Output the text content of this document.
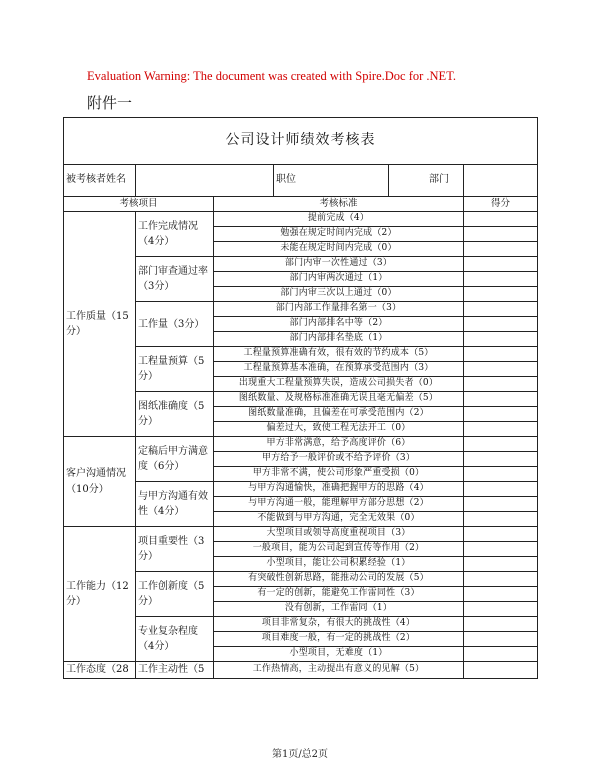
Evaluation Warning: The document was created with Spire.Doc for .NET.
附件一
公司设计师绩效考核表					
被考核者姓名			职位	部门	
考核项目		考核标准			得分
工作质量（15分）	工作完成情况（4分）	提前完成（4）			
		勉强在规定时间内完成（2）			
		未能在规定时间内完成（0）			
	部门审查通过率（3分）	部门内审一次性通过（3）			
		部门内审两次通过（1）			
		部门内审三次以上通过（0）			
	工作量（3分）	部门内部工作量排名第一（3）			
		部门内部排名中等（2）			
		部门内部排名垫底（1）			
	工程量预算（5分）	工程量预算准确有效，很有效的节约成本（5）			
		工程量预算基本准确，在预算承受范围内（3）			
		出现重大工程量预算失误，造成公司损失者（0）			
	图纸准确度（5分）	图纸数量、及规格标准准确无误且毫无偏差（5）			
		图纸数量准确，且偏差在可承受范围内（2）			
		偏差过大，致使工程无法开工（0）			
客户沟通情况（10分）	定稿后甲方满意度（6分）	甲方非常满意，给予高度评价（6）			
		甲方给予一般评价或不给予评价（3）			
		甲方非常不满，使公司形象严重受损（0）			
	与甲方沟通有效性（4分）	与甲方沟通愉快，准确把握甲方的思路（4）			
		与甲方沟通一般，能理解甲方部分思想（2）			
		不能做到与甲方沟通，完全无效果（0）			
工作能力（12分）	项目重要性（3分）	大型项目或领导高度重视项目（3）			
		一般项目，能为公司起到宣传等作用（2）			
		小型项目，能让公司积累经验（1）			
	工作创新度（5分）	有突破性创新思路，能推动公司的发展（5）			
		有一定的创新，能避免工作雷同性（3）			
		没有创新，工作雷同（1）			
	专业复杂程度（4分）	项目非常复杂，有很大的挑战性（4）			
		项目难度一般，有一定的挑战性（2）			
		小型项目，无难度（1）			
工作态度（28	工作主动性（5	工作热情高，主动提出有意义的见解（5）			
第1页/总2页
